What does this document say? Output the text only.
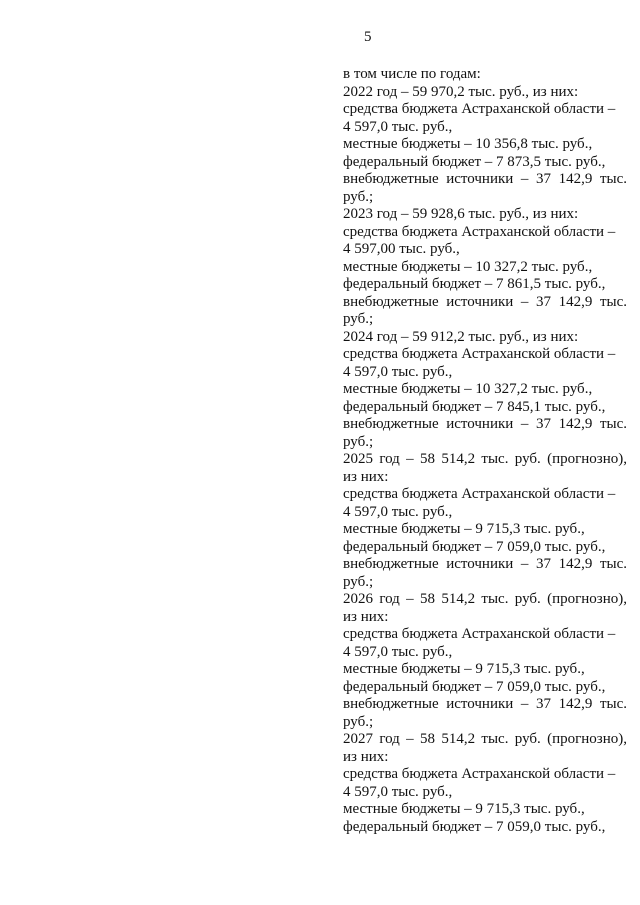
5
в том числе по годам:
2022 год – 59 970,2 тыс. руб., из них:
средства бюджета Астраханской области –
4 597,0 тыс. руб.,
местные бюджеты – 10 356,8 тыс. руб.,
федеральный бюджет – 7 873,5 тыс. руб.,
внебюджетные источники – 37 142,9 тыс.
руб.;
2023 год – 59 928,6 тыс. руб., из них:
средства бюджета Астраханской области –
4 597,00 тыс. руб.,
местные бюджеты – 10 327,2 тыс. руб.,
федеральный бюджет – 7 861,5 тыс. руб.,
внебюджетные источники – 37 142,9 тыс.
руб.;
2024 год – 59 912,2 тыс. руб., из них:
средства бюджета Астраханской области –
4 597,0 тыс. руб.,
местные бюджеты – 10 327,2 тыс. руб.,
федеральный бюджет – 7 845,1 тыс. руб.,
внебюджетные источники – 37 142,9 тыс.
руб.;
2025 год – 58 514,2 тыс. руб. (прогнозно),
из них:
средства бюджета Астраханской области –
4 597,0 тыс. руб.,
местные бюджеты – 9 715,3 тыс. руб.,
федеральный бюджет – 7 059,0 тыс. руб.,
внебюджетные источники – 37 142,9 тыс.
руб.;
2026 год – 58 514,2 тыс. руб. (прогнозно),
из них:
средства бюджета Астраханской области –
4 597,0 тыс. руб.,
местные бюджеты – 9 715,3 тыс. руб.,
федеральный бюджет – 7 059,0 тыс. руб.,
внебюджетные источники – 37 142,9 тыс.
руб.;
2027 год – 58 514,2 тыс. руб. (прогнозно),
из них:
средства бюджета Астраханской области –
4 597,0 тыс. руб.,
местные бюджеты – 9 715,3 тыс. руб.,
федеральный бюджет – 7 059,0 тыс. руб.,
